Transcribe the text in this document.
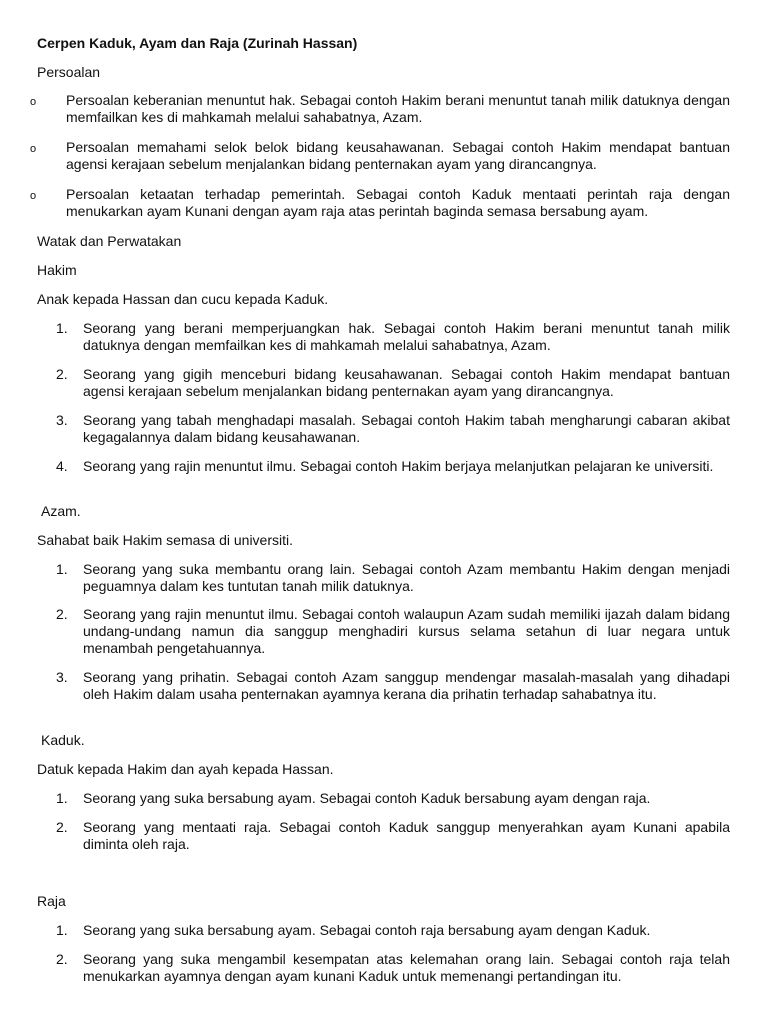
Cerpen Kaduk, Ayam dan Raja (Zurinah Hassan)
Persoalan
o Persoalan keberanian menuntut hak. Sebagai contoh Hakim berani menuntut tanah milik datuknya dengan memfailkan kes di mahkamah melalui sahabatnya, Azam.
o Persoalan memahami selok belok bidang keusahawanan. Sebagai contoh Hakim mendapat bantuan agensi kerajaan sebelum menjalankan bidang penternakan ayam yang dirancangnya.
o Persoalan ketaatan terhadap pemerintah. Sebagai contoh Kaduk mentaati perintah raja dengan menukarkan ayam Kunani dengan ayam raja atas perintah baginda semasa bersabung ayam.
Watak dan Perwatakan
Hakim
Anak kepada Hassan dan cucu kepada Kaduk.
1.	Seorang yang berani memperjuangkan hak. Sebagai contoh Hakim berani menuntut tanah milik datuknya dengan memfailkan kes di mahkamah melalui sahabatnya, Azam.
2.	Seorang yang gigih menceburi bidang keusahawanan. Sebagai contoh Hakim mendapat bantuan agensi kerajaan sebelum menjalankan bidang penternakan ayam yang dirancangnya.
3.	Seorang yang tabah menghadapi masalah. Sebagai contoh Hakim tabah mengharungi cabaran akibat kegagalannya dalam bidang keusahawanan.
4.	Seorang yang rajin menuntut ilmu. Sebagai contoh Hakim berjaya melanjutkan pelajaran ke universiti.
Azam.
Sahabat baik Hakim semasa di universiti.
1.	Seorang yang suka membantu orang lain. Sebagai contoh Azam membantu Hakim dengan menjadi peguamnya dalam kes tuntutan tanah milik datuknya.
2.	Seorang yang rajin menuntut ilmu. Sebagai contoh walaupun Azam sudah memiliki ijazah dalam bidang undang-undang namun dia sanggup menghadiri kursus selama setahun di luar negara untuk menambah pengetahuannya.
3.	Seorang yang prihatin. Sebagai contoh Azam sanggup mendengar masalah-masalah yang dihadapi oleh Hakim dalam usaha penternakan ayamnya kerana dia prihatin terhadap sahabatnya itu.
Kaduk.
Datuk kepada Hakim dan ayah kepada Hassan.
1.	Seorang yang suka bersabung ayam. Sebagai contoh Kaduk bersabung ayam dengan raja.
2.	Seorang yang mentaati raja. Sebagai contoh Kaduk sanggup menyerahkan ayam Kunani apabila diminta oleh raja.
Raja
1.	Seorang yang suka bersabung ayam. Sebagai contoh raja bersabung ayam dengan Kaduk.
2.	Seorang yang suka mengambil kesempatan atas kelemahan orang lain. Sebagai contoh raja telah menukarkan ayamnya dengan ayam kunani Kaduk untuk memenangi pertandingan itu.
